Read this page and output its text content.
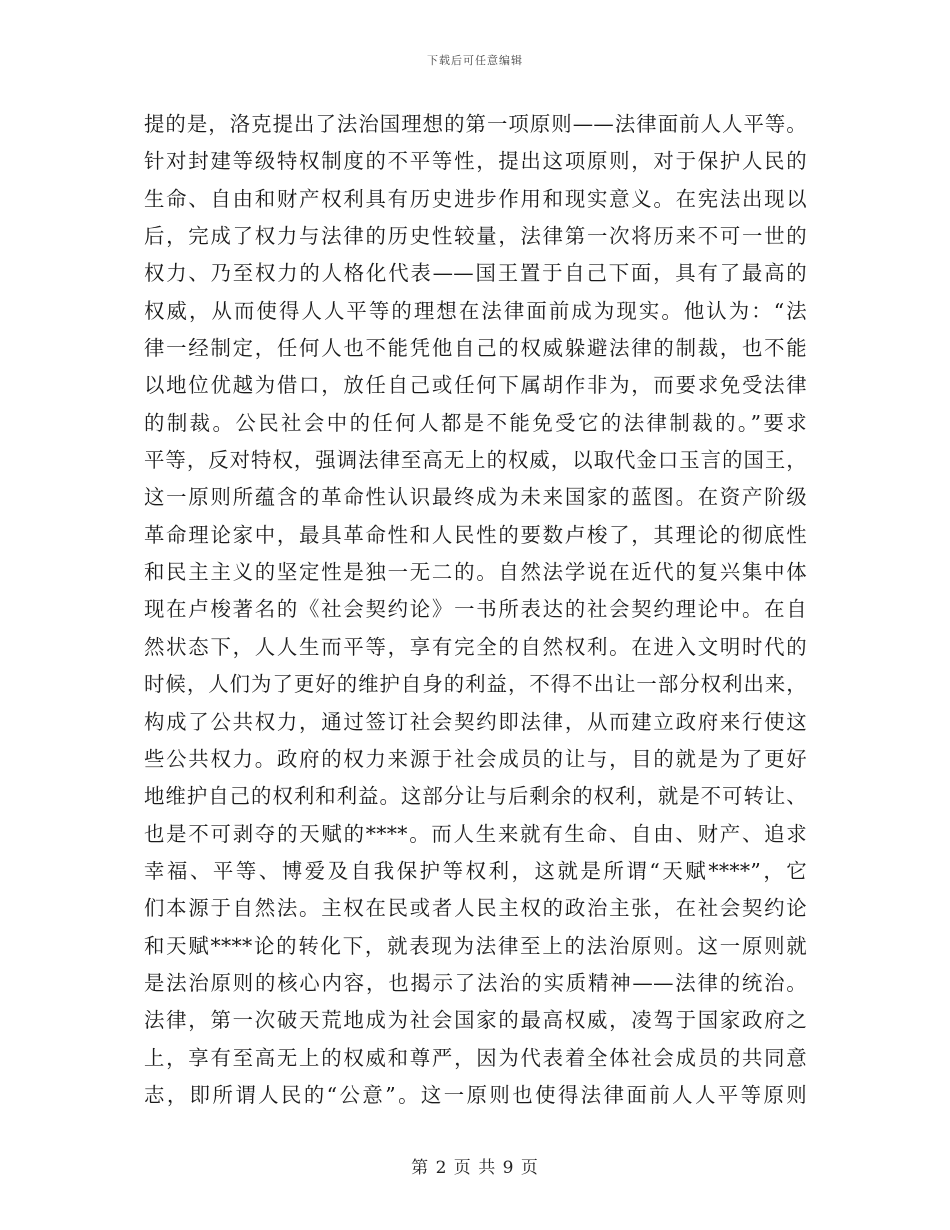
下载后可任意编辑
提的是，洛克提出了法治国理想的第一项原则——法律面前人人平等。
针对封建等级特权制度的不平等性，提出这项原则，对于保护人民的
生命、自由和财产权利具有历史进步作用和现实意义。在宪法出现以
后，完成了权力与法律的历史性较量，法律第一次将历来不可一世的
权力、乃至权力的人格化代表——国王置于自己下面，具有了最高的
权威，从而使得人人平等的理想在法律面前成为现实。他认为：“法
律一经制定，任何人也不能凭他自己的权威躲避法律的制裁，也不能
以地位优越为借口，放任自己或任何下属胡作非为，而要求免受法律
的制裁。公民社会中的任何人都是不能免受它的法律制裁的。”要求
平等，反对特权，强调法律至高无上的权威，以取代金口玉言的国王，
这一原则所蕴含的革命性认识最终成为未来国家的蓝图。在资产阶级
革命理论家中，最具革命性和人民性的要数卢梭了，其理论的彻底性
和民主主义的坚定性是独一无二的。自然法学说在近代的复兴集中体
现在卢梭著名的《社会契约论》一书所表达的社会契约理论中。在自
然状态下，人人生而平等，享有完全的自然权利。在进入文明时代的
时候，人们为了更好的维护自身的利益，不得不出让一部分权利出来，
构成了公共权力，通过签订社会契约即法律，从而建立政府来行使这
些公共权力。政府的权力来源于社会成员的让与，目的就是为了更好
地维护自己的权利和利益。这部分让与后剩余的权利，就是不可转让、
也是不可剥夺的天赋的****。而人生来就有生命、自由、财产、追求
幸福、平等、博爱及自我保护等权利，这就是所谓“天赋****”，它
们本源于自然法。主权在民或者人民主权的政治主张，在社会契约论
和天赋****论的转化下，就表现为法律至上的法治原则。这一原则就
是法治原则的核心内容，也揭示了法治的实质精神——法律的统治。
法律，第一次破天荒地成为社会国家的最高权威，凌驾于国家政府之
上，享有至高无上的权威和尊严，因为代表着全体社会成员的共同意
志，即所谓人民的“公意”。这一原则也使得法律面前人人平等原则
第 2 页 共 9 页
